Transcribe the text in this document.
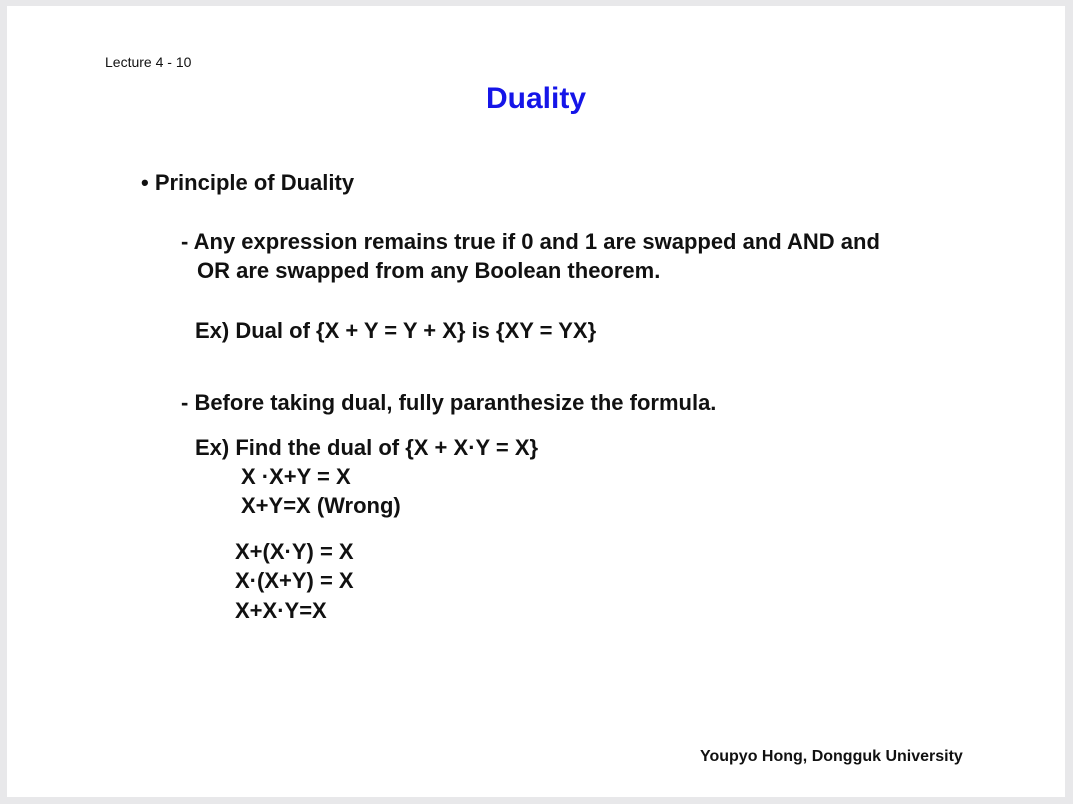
Lecture 4 - 10
Duality
• Principle of Duality
- Any expression remains true if 0 and 1 are swapped and AND and
OR are swapped from any Boolean theorem.
Ex) Dual of {X + Y = Y + X} is {XY = YX}
- Before taking dual, fully paranthesize the formula.
Ex) Find the dual of {X + X·Y = X}
X ·X+Y = X
X+Y=X (Wrong)
X+(X·Y) = X
X·(X+Y) = X
X+X·Y=X
Youpyo Hong, Dongguk University
